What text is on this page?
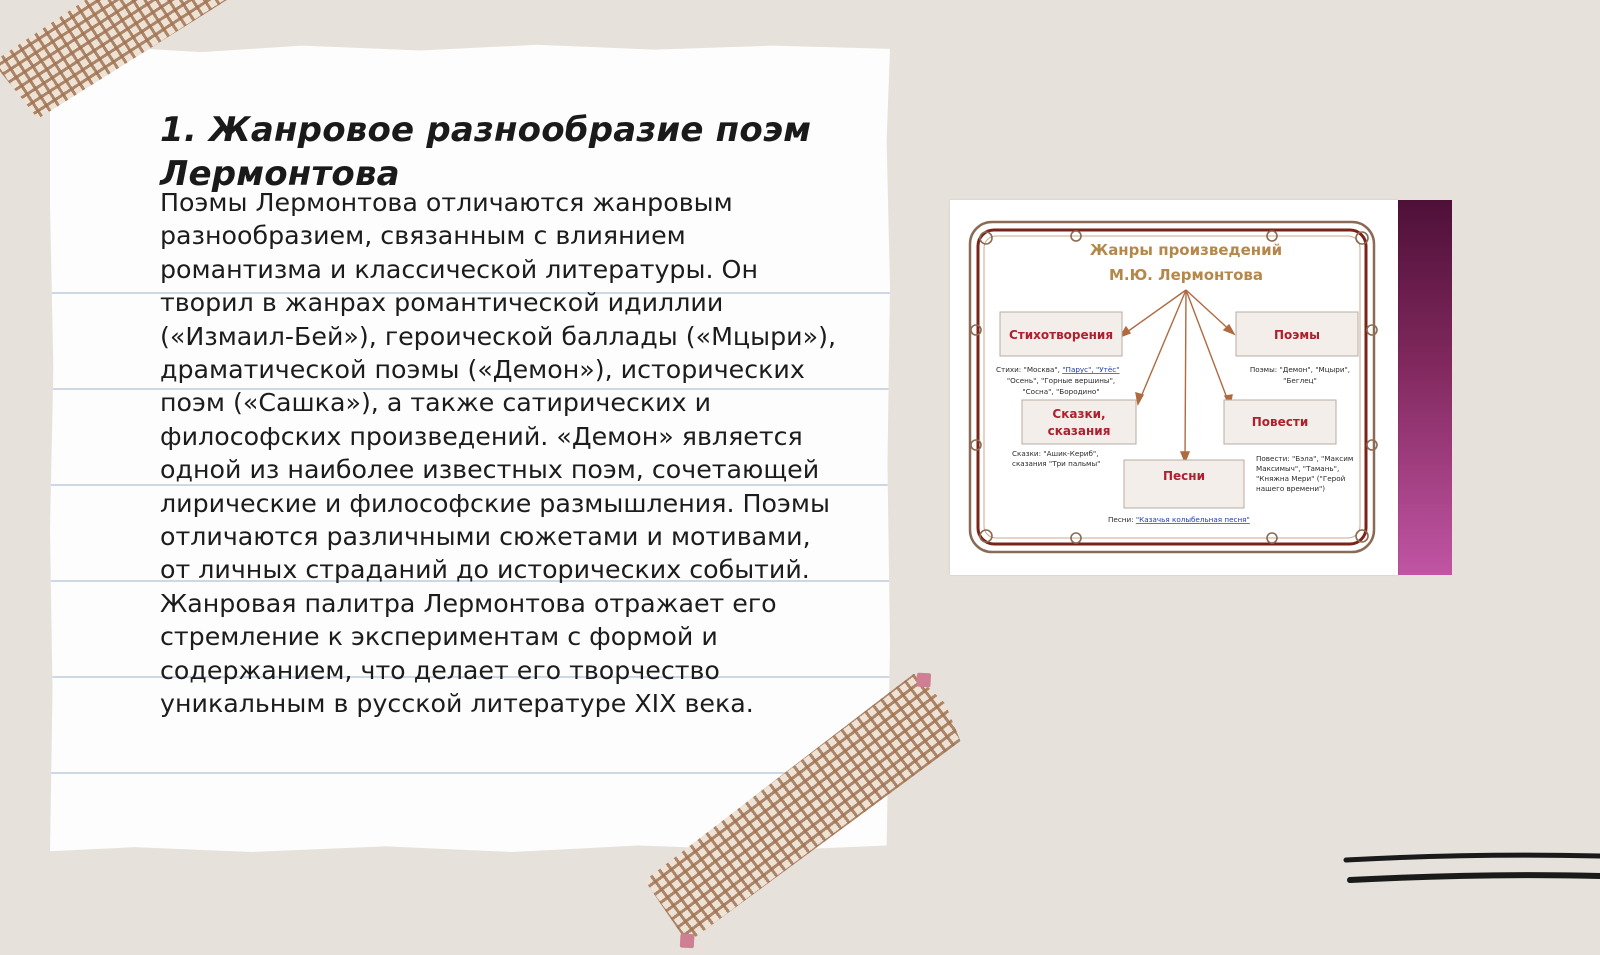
1. Жанровое разнообразие поэм Лермонтова

Поэмы Лермонтова отличаются жанровым разнообразием, связанным с влиянием романтизма и классической литературы. Он творил в жанрах романтической идиллии («Измаил-Бей»), героической баллады («Мцыри»), драматической поэмы («Демон»), исторических поэм («Сашка»), а также сатирических и философских произведений. «Демон» является одной из наиболее известных поэм, сочетающей лирические и философские размышления. Поэмы отличаются различными сюжетами и мотивами, от личных страданий до исторических событий. Жанровая палитра Лермонтова отражает его стремление к экспериментам с формой и содержанием, что делает его творчество уникальным в русской литературе XIX века.

Жанры произведений
М.Ю. Лермонтова
Стихотворения	Поэмы
Сказки,
сказания
Повести
Песни
Стихи: "Москва", "Парус", "Утёс"
"Осень", "Горные вершины",
"Сосна", "Бородино"
Поэмы: "Демон", "Мцыри",
"Беглец"
Сказки: "Ашик-Кериб",
сказания "Три пальмы"
Повести: "Бэла", "Максим
Максимыч", "Тамань",
"Княжна Мери" ("Герой
нашего времени")
Песни: "Казачья колыбельная песня"
